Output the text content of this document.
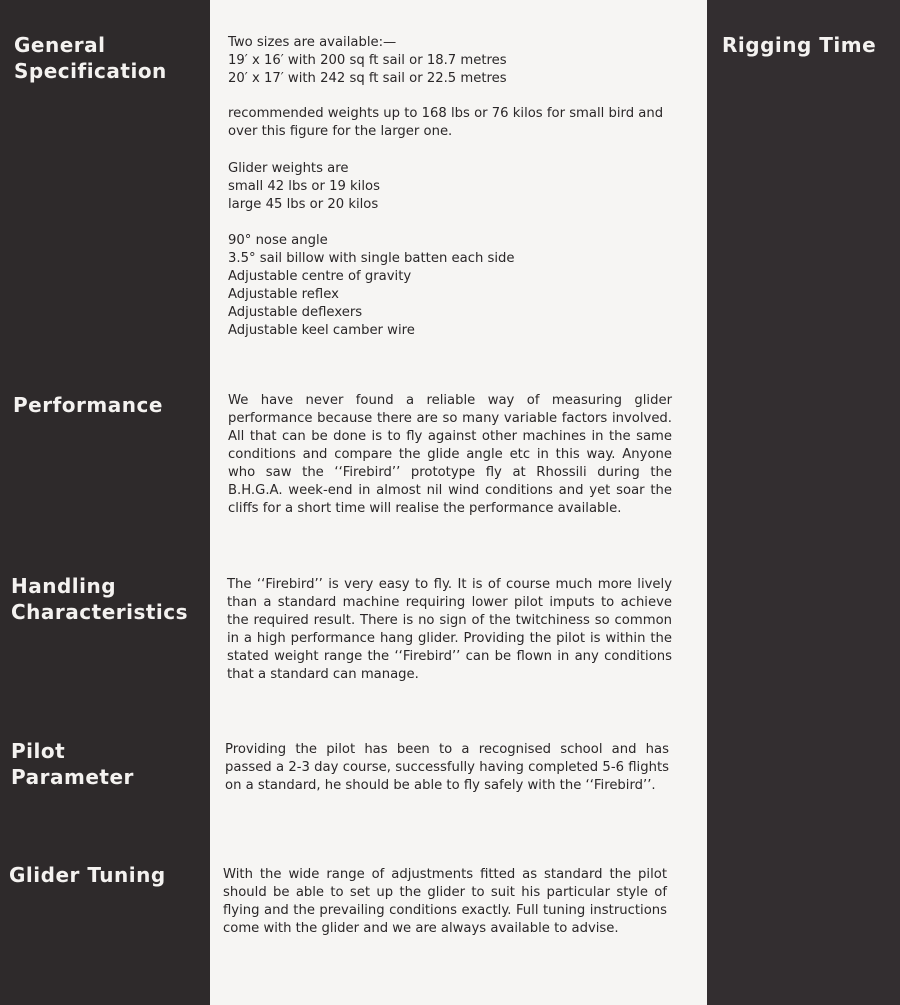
General
Specification
Two sizes are available:—
19′ x 16′ with 200 sq ft sail or 18.7 metres
20′ x 17′ with 242 sq ft sail or 22.5 metres
recommended weights up to 168 lbs or 76 kilos for small bird and
over this figure for the larger one.
Glider weights are
small 42 lbs or 19 kilos
large 45 lbs or 20 kilos
90° nose angle
3.5° sail billow with single batten each side
Adjustable centre of gravity
Adjustable reflex
Adjustable deflexers
Adjustable keel camber wire
Rigging Time
Performance	We have never found a reliable way of measuring glider performance because there are so many variable factors involved. All that can be done is to fly against other machines in the same conditions and compare the glide angle etc in this way. Anyone who saw the ‘‘Firebird’’ prototype fly at Rhossili during the B.H.G.A. week-end in almost nil wind conditions and yet soar the cliffs for a short time will realise the performance available.
Handling
Characteristics
The ‘‘Firebird’’ is very easy to fly. It is of course much more lively than a standard machine requiring lower pilot imputs to achieve the required result. There is no sign of the twitchiness so common in a high performance hang glider. Providing the pilot is within the stated weight range the ‘‘Firebird’’ can be flown in any conditions that a standard can manage.
Pilot
Parameter
Providing the pilot has been to a recognised school and has passed a 2-3 day course, successfully having completed 5-6 flights on a standard, he should be able to fly safely with the ‘‘Firebird’’.
Glider Tuning	With the wide range of adjustments fitted as standard the pilot should be able to set up the glider to suit his particular style of flying and the prevailing conditions exactly. Full tuning instructions come with the glider and we are always available to advise.
